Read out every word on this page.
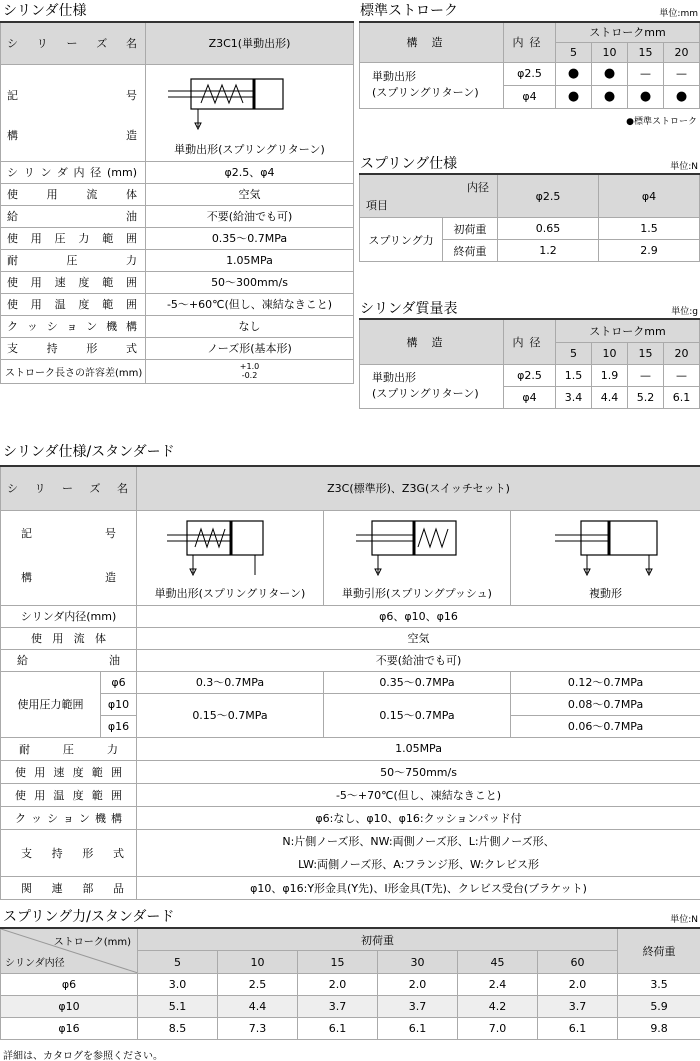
シリンダ仕様
シ リ ー ズ 名	Z3C1(単動出形)

記 号
構 造	単動出形(スプリングリターン)

シリンダ内径(mm)	φ2.5、φ4
使用流体	空気
給油	不要(給油でも可)
使用圧力範囲	0.35〜0.7MPa
耐圧力	1.05MPa
使用速度範囲	50〜300mm/s
使用温度範囲	-5〜+60℃(但し、凍結なきこと)
クッション機構	なし
支持形式	ノーズ形(基本形)
ストローク長さの許容差(mm)	+1.0
-0.2
標準ストローク	単位:mm
構造	内径	ストロークmm			
		5	10	15	20

単動出形
(スプリングリターン)	φ2.5	●	●	—	—
	φ4	●	●	●	●
●標準ストローク
スプリング仕様	単位:N
内径
項目		φ2.5	φ4
スプリング力	初荷重	0.65	1.5
	終荷重	1.2	2.9
シリンダ質量表	単位:g
構造	内径	ストロークmm			
		5	10	15	20

単動出形
(スプリングリターン)	φ2.5	1.5	1.9	—	—
	φ4	3.4	4.4	5.2	6.1
シリンダ仕様/スタンダード
シ リ ー ズ 名		Z3C(標準形)、Z3G(スイッチセット)		

記 号
構 造		単動出形(スプリングリターン)	単動引形(スプリングプッシュ)	複動形

シリンダ内径(mm)		φ6、φ10、φ16		
使用流体		空気		
給油		不要(給油でも可)		
使用圧力範囲	φ6	0.3〜0.7MPa	0.35〜0.7MPa	0.12〜0.7MPa
	φ10	0.15〜0.7MPa	0.15〜0.7MPa	0.08〜0.7MPa
	φ16			0.06〜0.7MPa
耐圧力		1.05MPa		
使用速度範囲		50〜750mm/s		
使用温度範囲		-5〜+70℃(但し、凍結なきこと)		
クッション機構		φ6:なし、φ10、φ16:クッションパッド付		
支持形式		N:片側ノーズ形、NW:両側ノーズ形、L:片側ノーズ形、
LW:両側ノーズ形、A:フランジ形、W:クレビス形		

関連部品		φ10、φ16:Y形金具(Y先)、I形金具(T先)、クレビス受台(ブラケット)		
スプリング力/スタンダード	単位:N
ストローク(mm)
シリンダ内径	初荷重						終荷重
	5	10	15	30	45	60	
φ6	3.0	2.5	2.0	2.0	2.4	2.0	3.5
φ10	5.1	4.4	3.7	3.7	4.2	3.7	5.9
φ16	8.5	7.3	6.1	6.1	7.0	6.1	9.8
詳細は、カタログを参照ください。
